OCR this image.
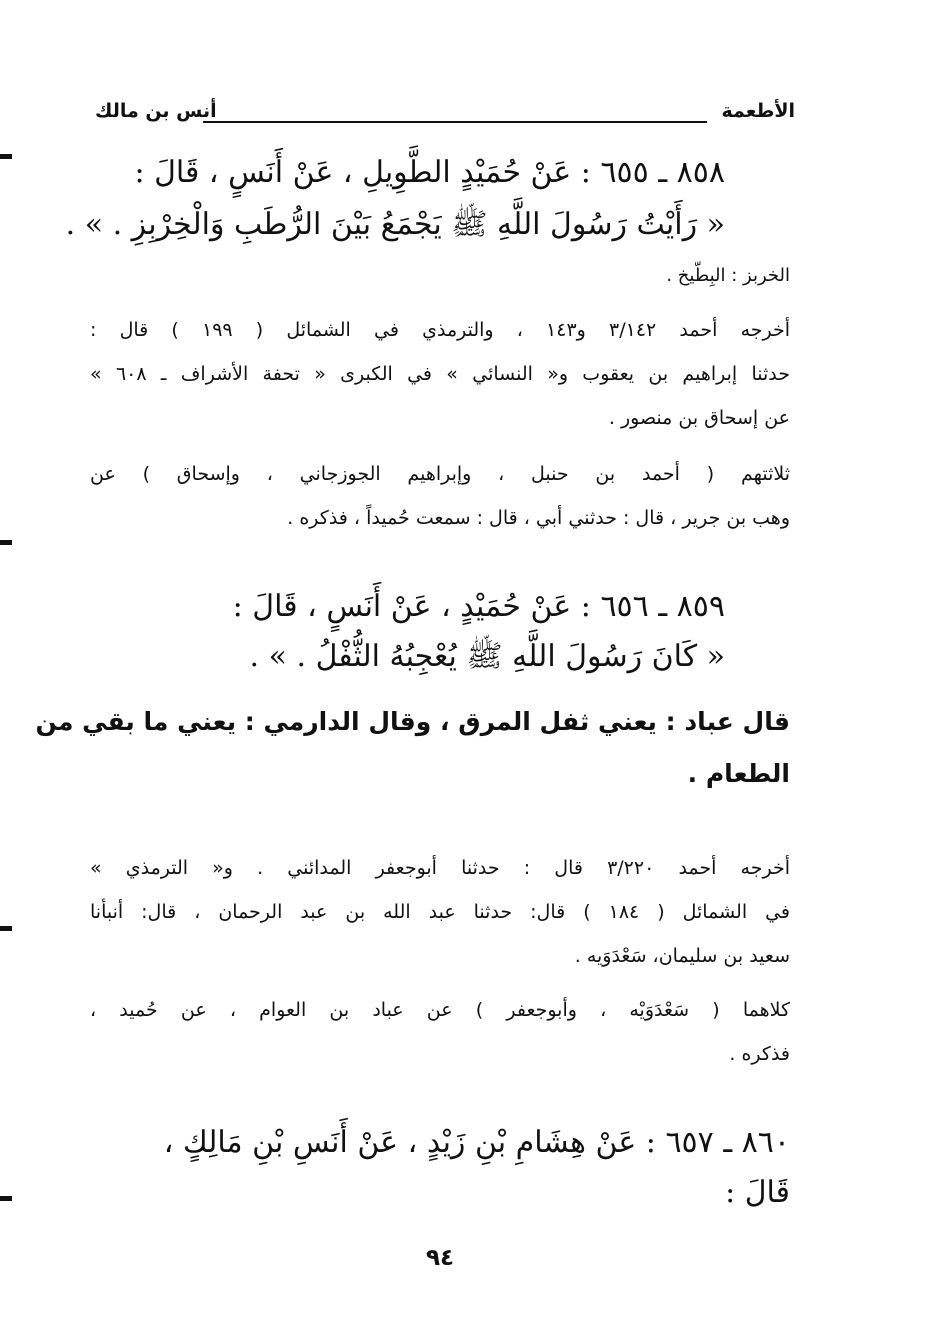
الأطعمة
أنس بن مالك
٨٥٨ ـ ٦٥٥ : عَنْ حُمَيْدٍ الطَّوِيلِ ، عَنْ أَنَسٍ ، قَالَ :
« رَأَيْتُ رَسُولَ اللَّهِ ﷺ يَجْمَعُ بَيْنَ الرُّطَبِ وَالْخِرْبِزِ . » .
الخربز : البِطّيخ .
أخرجه أحمد ٣/١٤٢ و١٤٣ ، والترمذي في الشمائل ( ١٩٩ ) قال :
حدثنا إبراهيم بن يعقوب و« النسائي » في الكبرى « تحفة الأشراف ـ ٦٠٨ »
عن إسحاق بن منصور .
ثلاثتهم ( أحمد بن حنبل ، وإبراهيم الجوزجاني ، وإسحاق ) عن
وهب بن جرير ، قال : حدثني أبي ، قال : سمعت حُميداً ، فذكره .
٨٥٩ ـ ٦٥٦ : عَنْ حُمَيْدٍ ، عَنْ أَنَسٍ ، قَالَ :
« كَانَ رَسُولَ اللَّهِ ﷺ يُعْجِبُهُ الثُّفْلُ . » .
قال عباد : يعني ثفل المرق ، وقال الدارمي : يعني ما بقي من
الطعام .
أخرجه أحمد ٣/٢٢٠ قال : حدثنا أبوجعفر المدائني . و« الترمذي »
في الشمائل ( ١٨٤ ) قال: حدثنا عبد الله بن عبد الرحمان ، قال: أنبأنا
سعيد بن سليمان، سَعْدَوَيه .
كلاهما ( سَعْدَوَيْه ، وأبوجعفر ) عن عباد بن العوام ، عن حُميد ،
فذكره .
٨٦٠ ـ ٦٥٧ : عَنْ هِشَامِ بْنِ زَيْدٍ ، عَنْ أَنَسِ بْنِ مَالِكٍ ،
قَالَ :
٩٤
